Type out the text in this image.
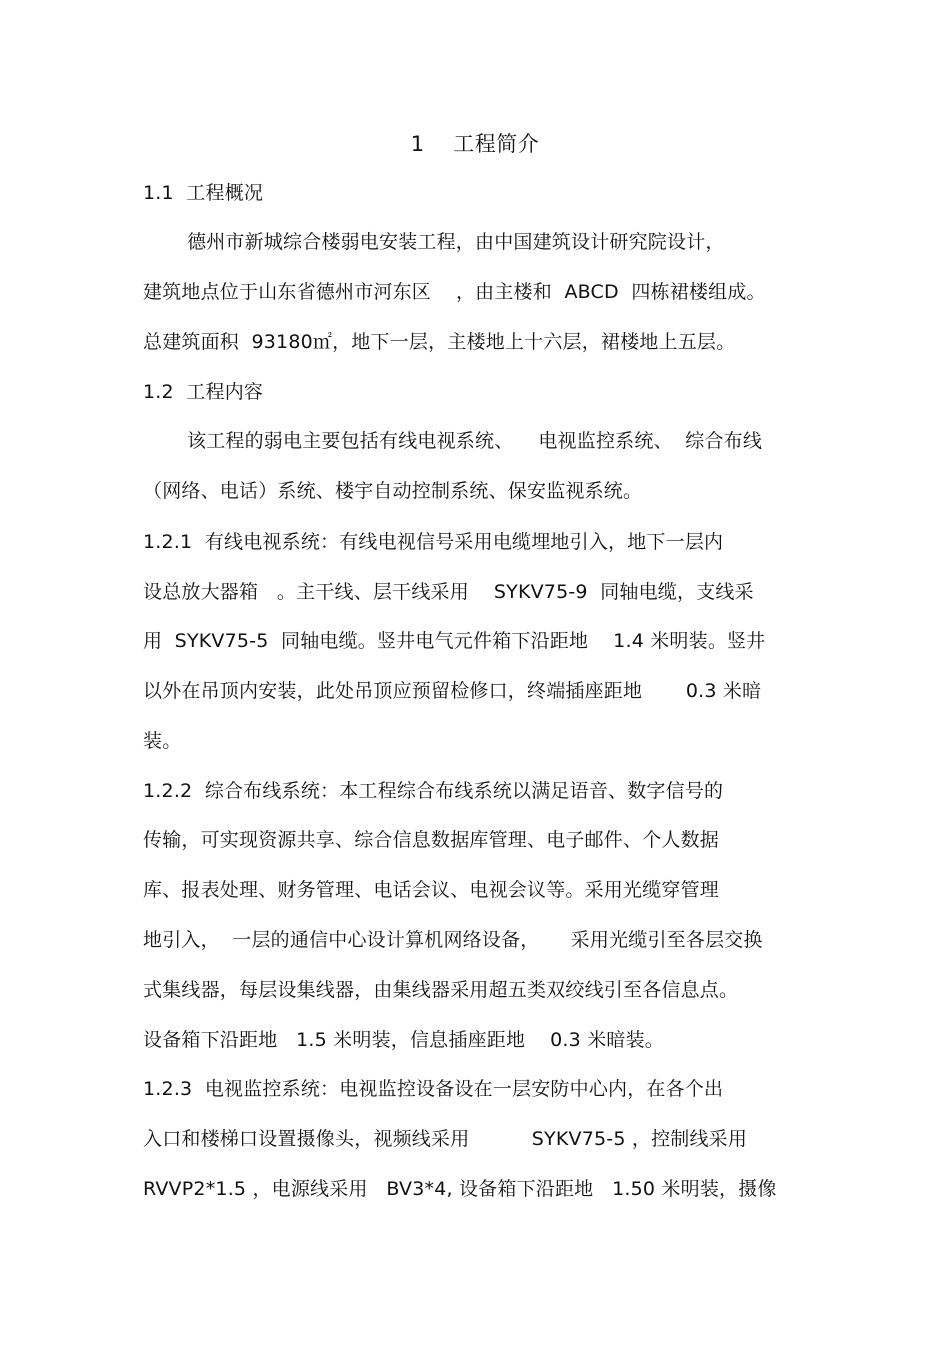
1    工程简介
1.1  工程概况
德州市新城综合楼弱电安装工程，由中国建筑设计研究院设计，
建筑地点位于山东省德州市河东区    ，由主楼和  ABCD  四栋裙楼组成。
总建筑面积  93180㎡，地下一层，主楼地上十六层，裙楼地上五层。
1.2  工程内容
该工程的弱电主要包括有线电视系统、    电视监控系统、  综合布线
（网络、电话）系统、楼宇自动控制系统、保安监视系统。
1.2.1  有线电视系统：有线电视信号采用电缆埋地引入，地下一层内
设总放大器箱   。主干线、层干线采用    SYKV75-9  同轴电缆，支线采
用  SYKV75-5  同轴电缆。竖井电气元件箱下沿距地    1.4 米明装。竖井
以外在吊顶内安装，此处吊顶应预留检修口，终端插座距地       0.3 米暗
装。
1.2.2  综合布线系统：本工程综合布线系统以满足语音、数字信号的
传输，可实现资源共享、综合信息数据库管理、电子邮件、个人数据
库、报表处理、财务管理、电话会议、电视会议等。采用光缆穿管理
地引入，  一层的通信中心设计算机网络设备，     采用光缆引至各层交换
式集线器，每层设集线器，由集线器采用超五类双绞线引至各信息点。
设备箱下沿距地   1.5 米明装，信息插座距地    0.3 米暗装。
1.2.3  电视监控系统：电视监控设备设在一层安防中心内，在各个出
入口和楼梯口设置摄像头，视频线采用          SYKV75-5 ，控制线采用
RVVP2*1.5 ，电源线采用   BV3*4, 设备箱下沿距地   1.50 米明装，摄像
